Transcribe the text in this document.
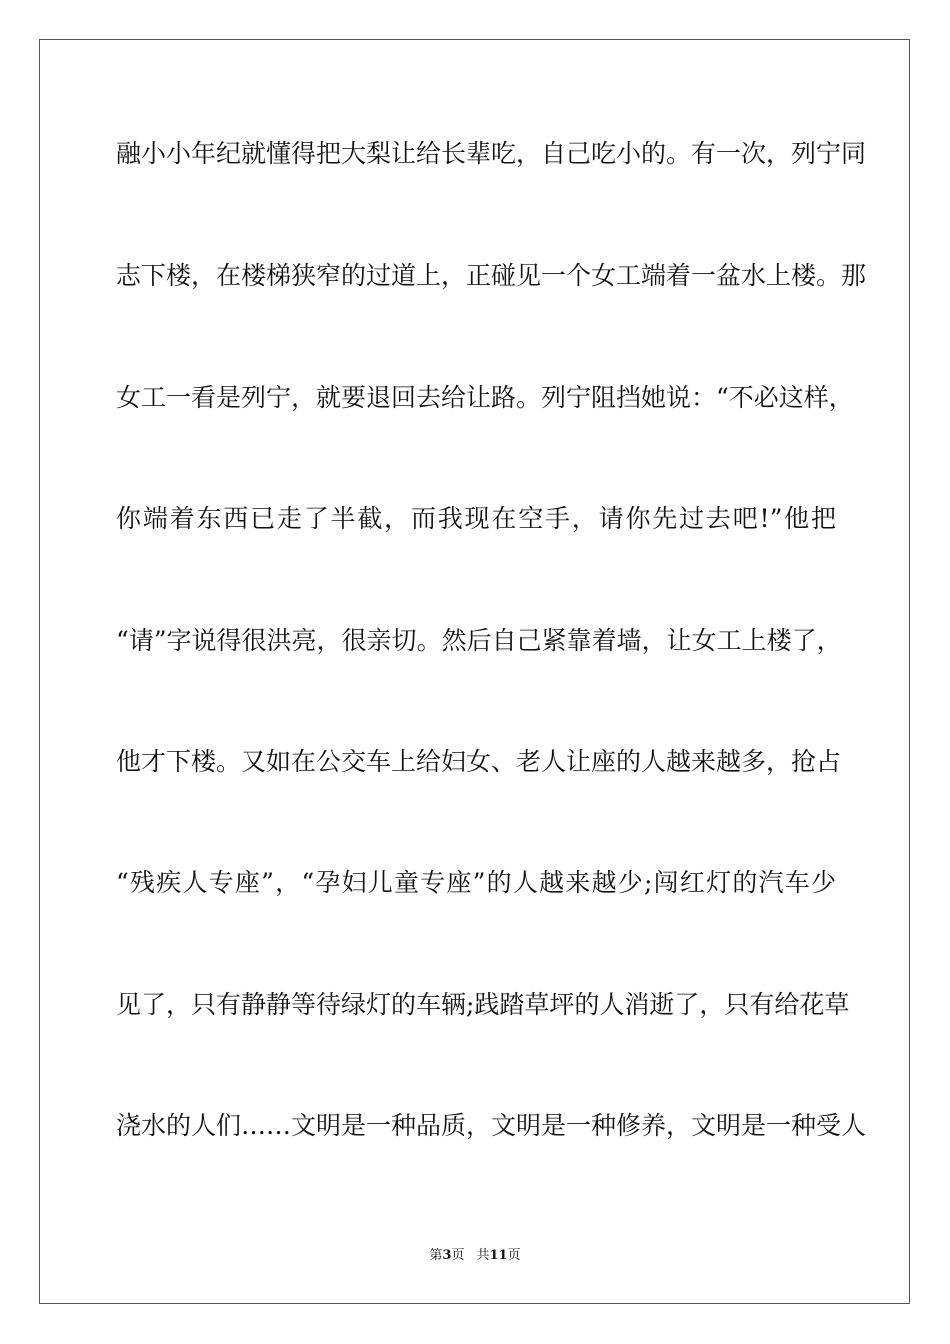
融小小年纪就懂得把大梨让给长辈吃，自己吃小的。有一次，列宁同
志下楼，在楼梯狭窄的过道上，正碰见一个女工端着一盆水上楼。那
女工一看是列宁，就要退回去给让路。列宁阻挡她说：“不必这样，
你端着东西已走了半截，而我现在空手，请你先过去吧!”他把
“请”字说得很洪亮，很亲切。然后自己紧靠着墙，让女工上楼了，
他才下楼。又如在公交车上给妇女、老人让座的人越来越多，抢占
“残疾人专座”，“孕妇儿童专座”的人越来越少;闯红灯的汽车少
见了，只有静静等待绿灯的车辆;践踏草坪的人消逝了，只有给花草
浇水的人们……文明是一种品质，文明是一种修养，文明是一种受人
第3页 共11页
